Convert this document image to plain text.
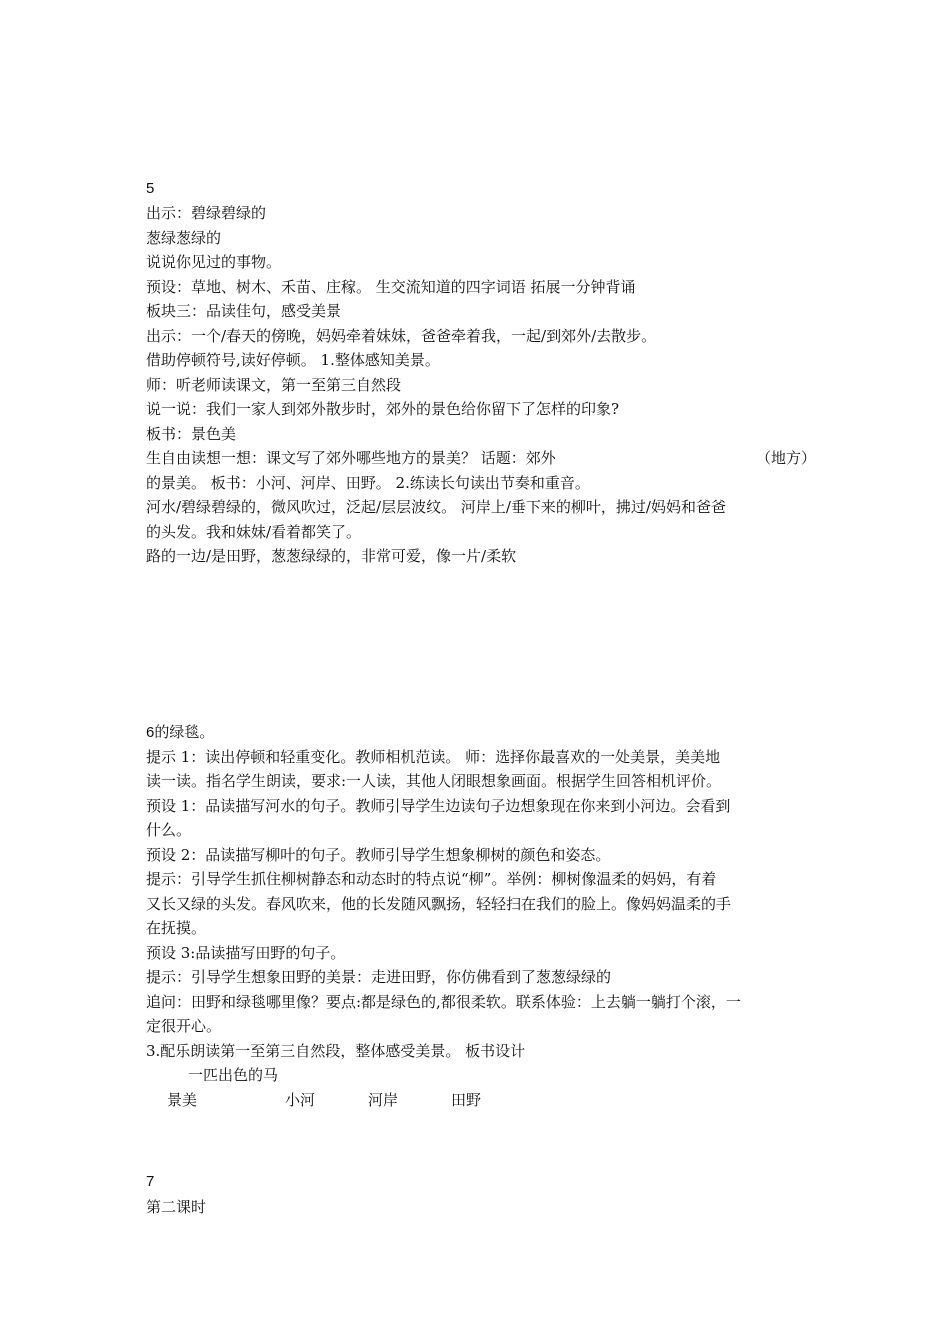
5
出示：碧绿碧绿的
葱绿葱绿的
说说你见过的事物。
预设：草地、树木、禾苗、庄稼。 生交流知道的四字词语 拓展一分钟背诵
板块三：品读佳句，感受美景
出示：一个/春天的傍晚，妈妈牵着妹妹，爸爸牵着我，一起/到郊外/去散步。
借助停顿符号,读好停顿。 1.整体感知美景。
师：听老师读课文，第一至第三自然段
说一说：我们一家人到郊外散步时，郊外的景色给你留下了怎样的印象?
板书：景色美
生自由读想一想：课文写了郊外哪些地方的景美？ 话题：郊外	（地方）
的景美。 板书：小河、河岸、田野。 2.练读长句读出节奏和重音。
河水/碧绿碧绿的，微风吹过，泛起/层层波纹。 河岸上/垂下来的柳叶，拂过/妈妈和爸爸
的头发。我和妹妹/看着都笑了。
路的一边/是田野，葱葱绿绿的，非常可爱，像一片/柔软
6的绿毯。
提示 1：读出停顿和轻重变化。教师相机范读。 师：选择你最喜欢的一处美景，美美地
读一读。指名学生朗读，要求:一人读，其他人闭眼想象画面。根据学生回答相机评价。
预设 1：品读描写河水的句子。教师引导学生边读句子边想象现在你来到小河边。会看到
什么。
预设 2：品读描写柳叶的句子。教师引导学生想象柳树的颜色和姿态。
提示：引导学生抓住柳树静态和动态时的特点说“柳”。举例：柳树像温柔的妈妈，有着
又长又绿的头发。春风吹来，他的长发随风飘扬，轻轻扫在我们的脸上。像妈妈温柔的手
在抚摸。
预设 3:品读描写田野的句子。
提示：引导学生想象田野的美景：走进田野，你仿佛看到了葱葱绿绿的
追问：田野和绿毯哪里像？要点:都是绿色的,都很柔软。联系体验：上去躺一躺打个滚，一
定很开心。
3.配乐朗读第一至第三自然段，整体感受美景。 板书设计
一匹出色的马
景美	小河	河岸	田野
7
第二课时
